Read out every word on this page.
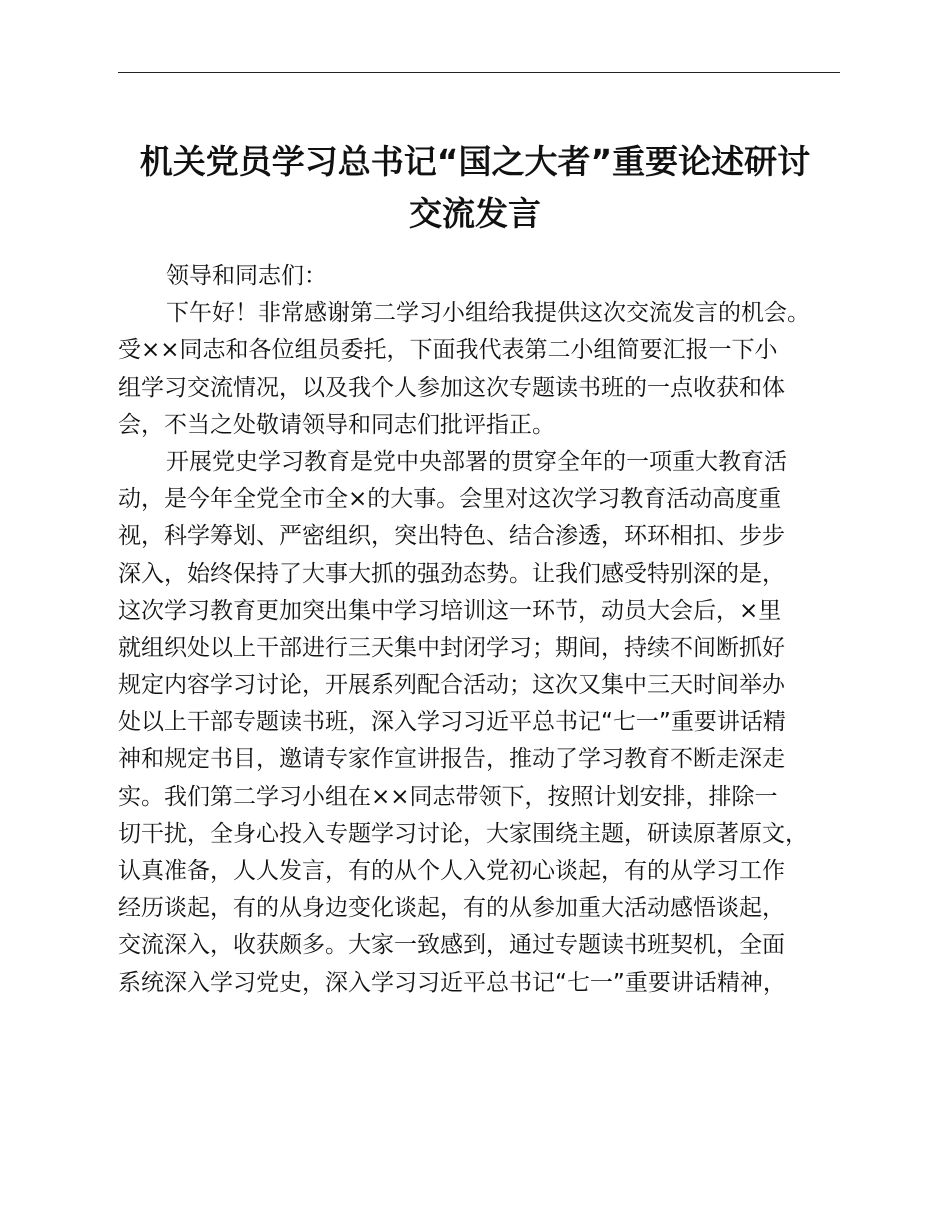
机关党员学习总书记“国之大者”重要论述研讨
交流发言
领导和同志们：
下午好！非常感谢第二学习小组给我提供这次交流发言的机会。
受××同志和各位组员委托，下面我代表第二小组简要汇报一下小
组学习交流情况，以及我个人参加这次专题读书班的一点收获和体
会，不当之处敬请领导和同志们批评指正。
开展党史学习教育是党中央部署的贯穿全年的一项重大教育活
动，是今年全党全市全×的大事。会里对这次学习教育活动高度重
视，科学筹划、严密组织，突出特色、结合渗透，环环相扣、步步
深入，始终保持了大事大抓的强劲态势。让我们感受特别深的是，
这次学习教育更加突出集中学习培训这一环节，动员大会后，×里
就组织处以上干部进行三天集中封闭学习；期间，持续不间断抓好
规定内容学习讨论，开展系列配合活动；这次又集中三天时间举办
处以上干部专题读书班，深入学习习近平总书记“七一”重要讲话精
神和规定书目，邀请专家作宣讲报告，推动了学习教育不断走深走
实。我们第二学习小组在××同志带领下，按照计划安排，排除一
切干扰，全身心投入专题学习讨论，大家围绕主题，研读原著原文，
认真准备，人人发言，有的从个人入党初心谈起，有的从学习工作
经历谈起，有的从身边变化谈起，有的从参加重大活动感悟谈起，
交流深入，收获颇多。大家一致感到，通过专题读书班契机，全面
系统深入学习党史，深入学习习近平总书记“七一”重要讲话精神，
